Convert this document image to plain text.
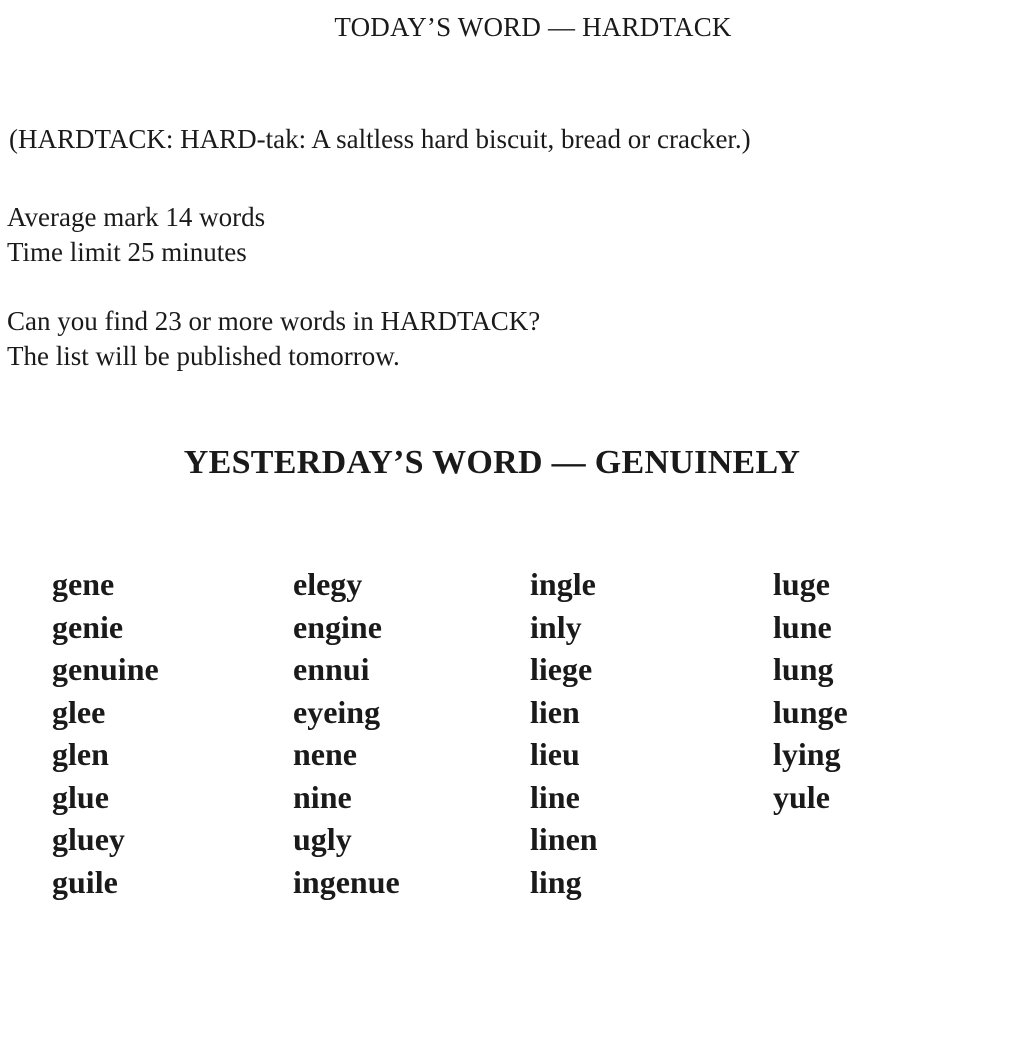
TODAY’S WORD — HARDTACK
(HARDTACK: HARD-tak: A saltless hard biscuit, bread or cracker.)
Average mark 14 words
Time limit 25 minutes
Can you find 23 or more words in HARDTACK?
The list will be published tomorrow.
YESTERDAY’S WORD — GENUINELY
gene
genie
genuine
glee
glen
glue
gluey
guile
elegy
engine
ennui
eyeing
nene
nine
ugly
ingenue
ingle
inly
liege
lien
lieu
line
linen
ling
luge
lune
lung
lunge
lying
yule
